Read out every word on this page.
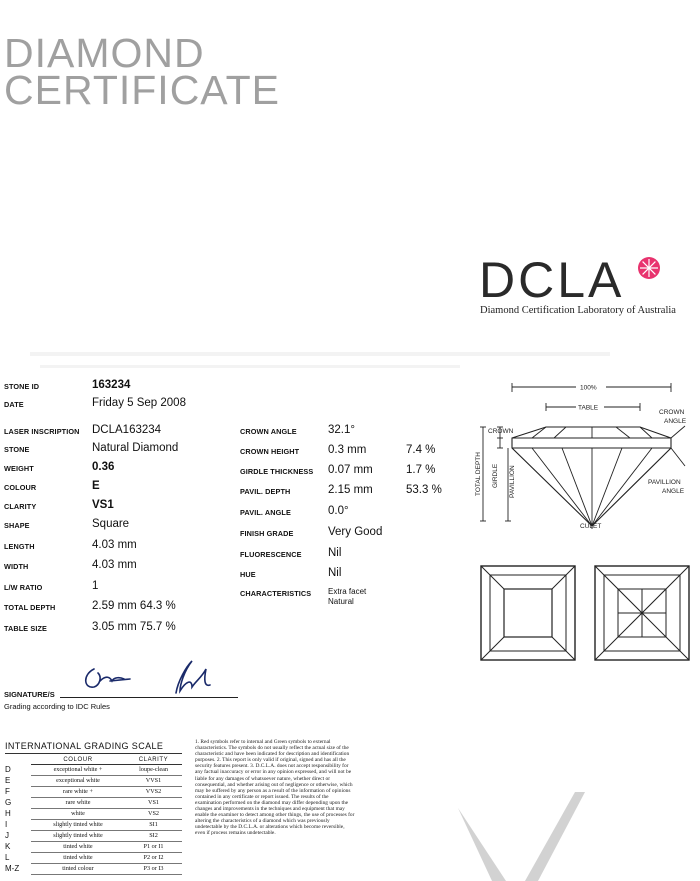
DIAMOND
CERTIFICATE
DCLA
Diamond Certification Laboratory of Australia
STONE ID	163234
DATE	Friday 5 Sep 2008
LASER INSCRIPTION DCLA163234
STONE	Natural Diamond
WEIGHT	0.36
COLOUR	E
CLARITY	VS1
SHAPE	Square
LENGTH	4.03 mm
WIDTH	4.03 mm
L/W RATIO	1
TOTAL DEPTH	2.59 mm 64.3 %
TABLE SIZE	3.05 mm 75.7 %
CROWN ANGLE	32.1°
CROWN HEIGHT	0.3 mm	7.4 %
GIRDLE THICKNESS 0.07 mm	1.7 %
PAVIL. DEPTH	2.15 mm	53.3 %
PAVIL. ANGLE	0.0°
FINISH GRADE	Very Good
FLUORESCENCE Nil
HUE	Nil
CHARACTERISTICS Extra facet
Natural
100%
TABLE
CROWN
CROWN
ANGLE
PAVILLION
ANGLE
CULET
TOTAL DEPTH GIRDLE PAVILLION
SIGNATURE/S
Grading according to IDC Rules
INTERNATIONAL GRADING SCALE
	COLOUR	CLARITY
D	exceptional white +	loupe-clean
E	exceptional white	VVS1
F	rare white +	VVS2
G	rare white	VS1
H	white	VS2
I	slightly tinted white	SI1
J	slightly tinted white	SI2
K	tinted white	P1 or I1
L	tinted white	P2 or I2
M-Z	tinted colour	P3 or I3
1. Red symbols refer to internal and Green symbols to external characteristics. The symbols do not usually reflect the actual size of the characteristic and have been indicated for description and identification purposes. 2. This report is only valid if original, signed and has all the security features present. 3. D.C.L.A. does not accept responsibility for any factual inaccuracy or error in any opinion expressed, and will not be liable for any damages of whatsoever nature, whether direct or consequential, and whether arising out of negligence or otherwise, which may be suffered by any person as a result of the information of opinions contained in any certificate or report issued. The results of the examination performed on the diamond may differ depending upon the changes and improvements in the techniques and equipment that may enable the examiner to detect among other things, the use of processes for altering the characteristics of a diamond which was previously undetectable by the D.C.L.A. or alterations which become reversible, even if process remains undetectable.
